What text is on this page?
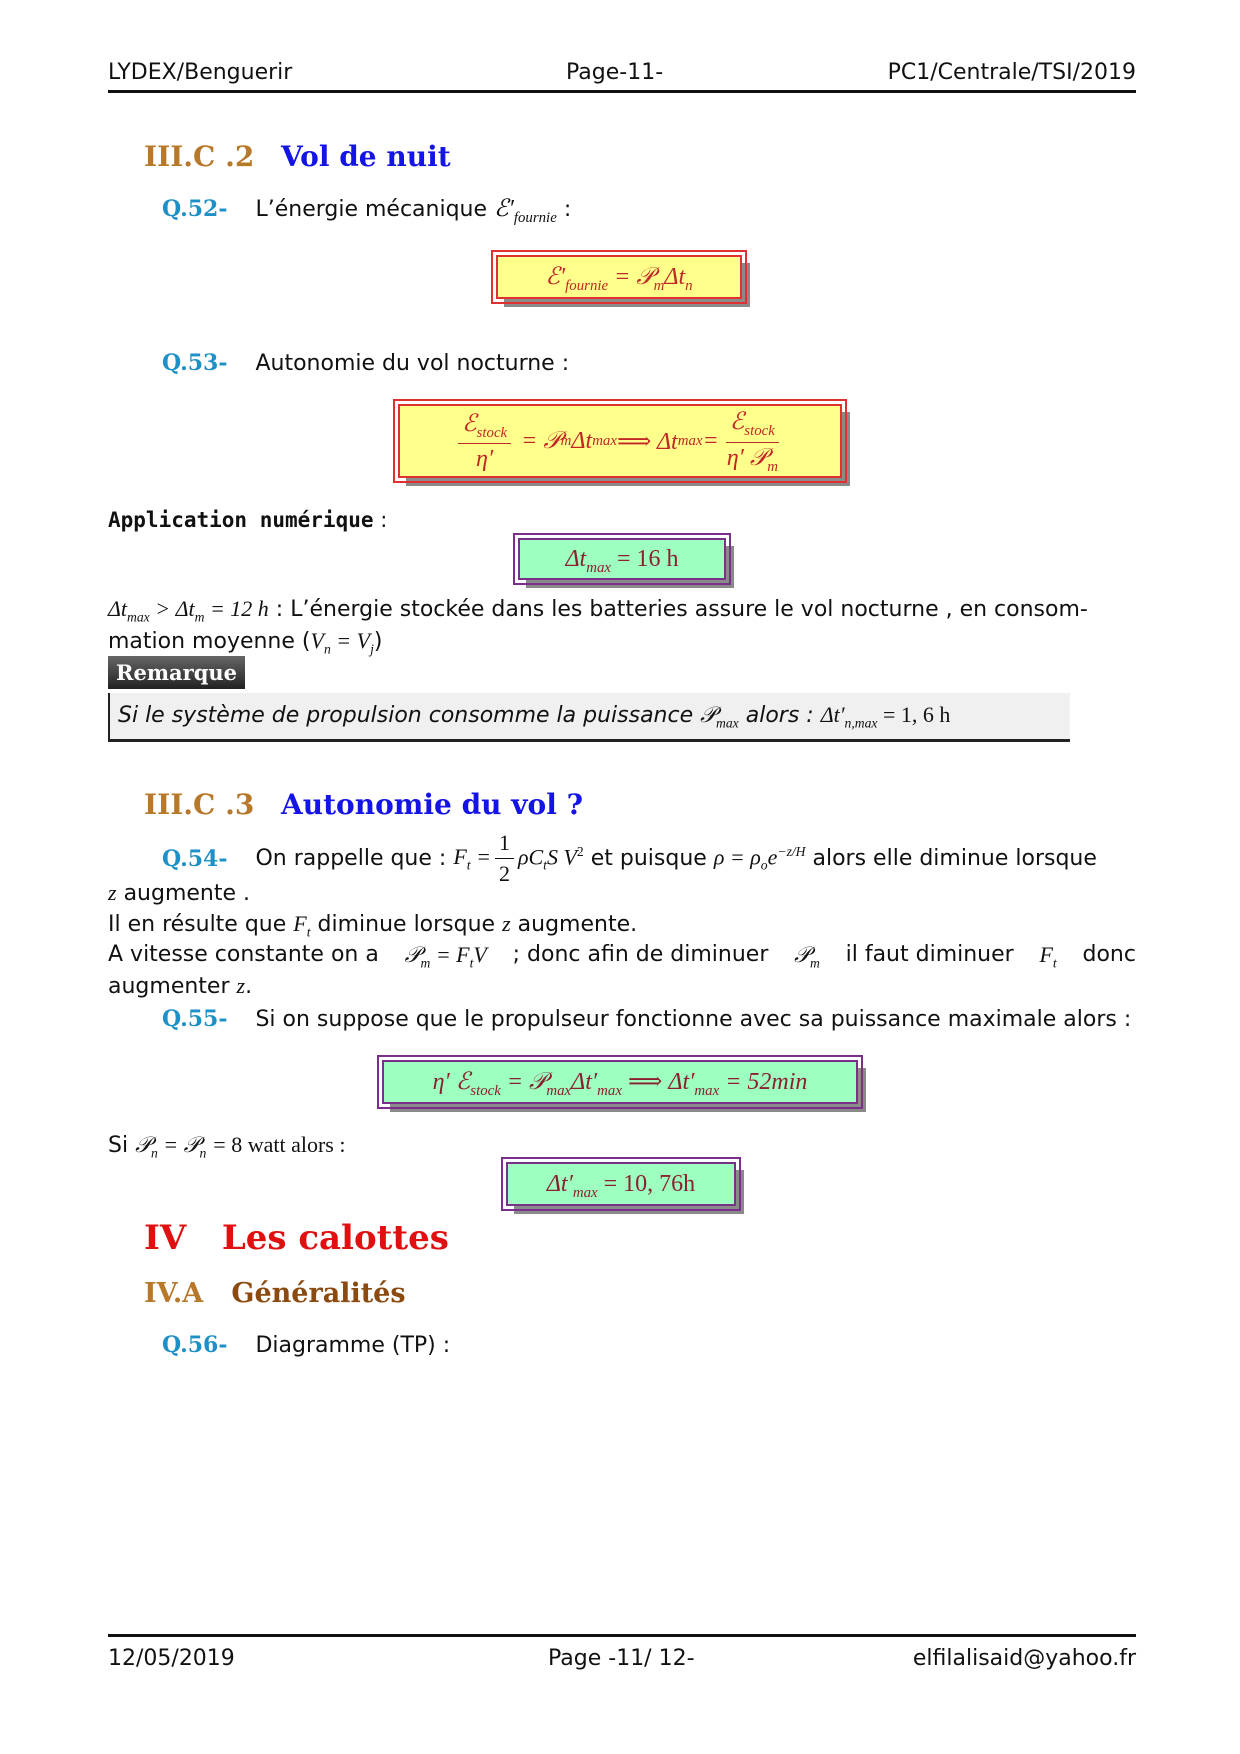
LYDEX/Benguerir	Page-11-	PC1/Centrale/TSI/2019
III.C .2 Vol de nuit
Q.52- L’énergie mécanique $ℰ'_{fournie}$ :
$ℰ'_{fournie}$ = $𝒫_m\Delta t_n$
Q.53- Autonomie du vol nocturne :
$\frac{ℰ_{stock}}{\eta'}$ = 𝒫 m Δt max ⟹ Δt $\max = \frac{ℰ_{stock}}{\eta' 𝒫_m}$
Application numérique :
$\Delta t_{max} = 16$ h
$\Delta t_{max} > \Delta t_m = 12$ h : L’énergie stockée dans les batteries assure le vol nocturne , en consom-
mation moyenne $(V_n = V_j)$
Remarque
Si le système de propulsion consomme la puissance 𝒫$_{max}$ alors : $\Delta t'_{n,max} = 1$, 6 h
III.C .3 Autonomie du vol ?
Q.54-
On rappelle que :
$F_t = \frac{1}{2} \rho C_tS$ $V^2$
et puisque
$\rho = \rho_oe^{-z/H}$
alors elle diminue lorsque
z augmente .
Il en résulte que $F_t$ diminue lorsque z augmente.
A vitesse constante on a 𝒫$_m$ = $F_tV$ ; donc afin de diminuer 𝒫$_m$ il faut diminuer $F_t$ donc
augmenter z.
Q.55- Si on suppose que le propulseur fonctionne avec sa puissance maximale alors :
η′ ℰ$_{stock}$ = $𝒫_{max}\Delta t'_{max}$ ⟹ $\Delta t'_{max} = 52\min$
Si 𝒫$_n$ = 𝒫$_n$ = 8 watt alors :
$\Delta t'_{max} = 10$, 76h
IV Les calottes
IV.A Généralités
Q.56- Diagramme (TP) :
12/05/2019	Page -11/ 12-	elfilalisaid@yahoo.fr
